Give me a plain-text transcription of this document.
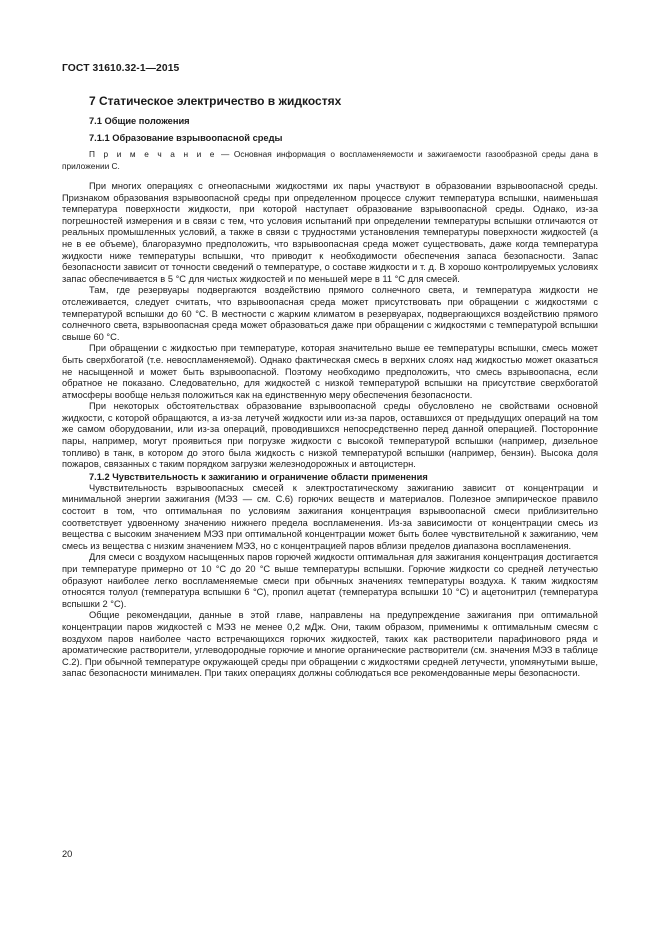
ГОСТ 31610.32-1—2015
7 Статическое электричество в жидкостях
7.1 Общие положения
7.1.1 Образование взрывоопасной среды
П р и м е ч а н и е — Основная информация о воспламеняемости и зажигаемости газообразной среды дана в приложении С.

При многих операциях с огнеопасными жидкостями их пары участвуют в образовании взрывоопасной среды. Признаком образования взрывоопасной среды при определенном процессе служит температура вспышки, наименьшая температура поверхности жидкости, при которой наступает образование взрывоопасной среды. Однако, из-за погрешностей измерения и в связи с тем, что условия испытаний при определении температуры вспышки отличаются от реальных промышленных условий, а также в связи с трудностями установления температуры поверхности жидкостей (а не в ее объеме), благоразумно предположить, что взрывоопасная среда может существовать, даже когда температура жидкости ниже температуры вспышки, что приводит к необходимости обеспечения запаса безопасности. Запас безопасности зависит от точности сведений о температуре, о составе жидкости и т. д. В хорошо контролируемых условиях запас обеспечивается в 5 °С для чистых жидкостей и по меньшей мере в 11 °С для смесей.

Там, где резервуары подвергаются воздействию прямого солнечного света, и температура жидкости не отслеживается, следует считать, что взрывоопасная среда может присутствовать при обращении с жидкостями с температурой вспышки до 60 °С. В местности с жарким климатом в резервуарах, подвергающихся воздействию прямого солнечного света, взрывоопасная среда может образоваться даже при обращении с жидкостями с температурой вспышки свыше 60 °С.

При обращении с жидкостью при температуре, которая значительно выше ее температуры вспышки, смесь может быть сверхбогатой (т.е. невоспламеняемой). Однако фактическая смесь в верхних слоях над жидкостью может оказаться не насыщенной и может быть взрывоопасной. Поэтому необходимо предположить, что смесь взрывоопасна, если обратное не показано. Следовательно, для жидкостей с низкой температурой вспышки на присутствие сверхбогатой атмосферы вообще нельзя положиться как на единственную меру обеспечения безопасности.

При некоторых обстоятельствах образование взрывоопасной среды обусловлено не свойствами основной жидкости, с которой обращаются, а из-за летучей жидкости или из-за паров, оставшихся от предыдущих операций на том же самом оборудовании, или из-за операций, проводившихся непосредственно перед данной операцией. Посторонние пары, например, могут проявиться при погрузке жидкости с высокой температурой вспышки (например, дизельное топливо) в танк, в котором до этого была жидкость с низкой температурой вспышки (например, бензин). Высока доля пожаров, связанных с таким порядком загрузки железнодорожных и автоцистерн.

7.1.2 Чувствительность к зажиганию и ограничение области применения

Чувствительность взрывоопасных смесей к электростатическому зажиганию зависит от концентрации и минимальной энергии зажигания (МЭЗ — см. С.6) горючих веществ и материалов. Полезное эмпирическое правило состоит в том, что оптимальная по условиям зажигания концентрация взрывоопасной смеси приблизительно соответствует удвоенному значению нижнего предела воспламенения. Из-за зависимости от концентрации смесь из вещества с высоким значением МЭЗ при оптимальной концентрации может быть более чувствительной к зажиганию, чем смесь из вещества с низким значением МЭЗ, но с концентрацией паров вблизи пределов диапазона воспламенения.

Для смеси с воздухом насыщенных паров горючей жидкости оптимальная для зажигания концентрация достигается при температуре примерно от 10 °С до 20 °С выше температуры вспышки. Горючие жидкости со средней летучестью образуют наиболее легко воспламеняемые смеси при обычных значениях температуры воздуха. К таким жидкостям относятся толуол (температура вспышки 6 °С), пропил ацетат (температура вспышки 10 °С) и ацетонитрил (температура вспышки 2 °С).

Общие рекомендации, данные в этой главе, направлены на предупреждение зажигания при оптимальной концентрации паров жидкостей с МЭЗ не менее 0,2 мДж. Они, таким образом, применимы к оптимальным смесям с воздухом паров наиболее часто встречающихся горючих жидкостей, таких как растворители парафинового ряда и ароматические растворители, углеводородные горючие и многие органические растворители (см. значения МЭЗ в таблице С.2). При обычной температуре окружающей среды при обращении с жидкостями средней летучести, упомянутыми выше, запас безопасности минимален. При таких операциях должны соблюдаться все рекомендованные меры безопасности.

20
